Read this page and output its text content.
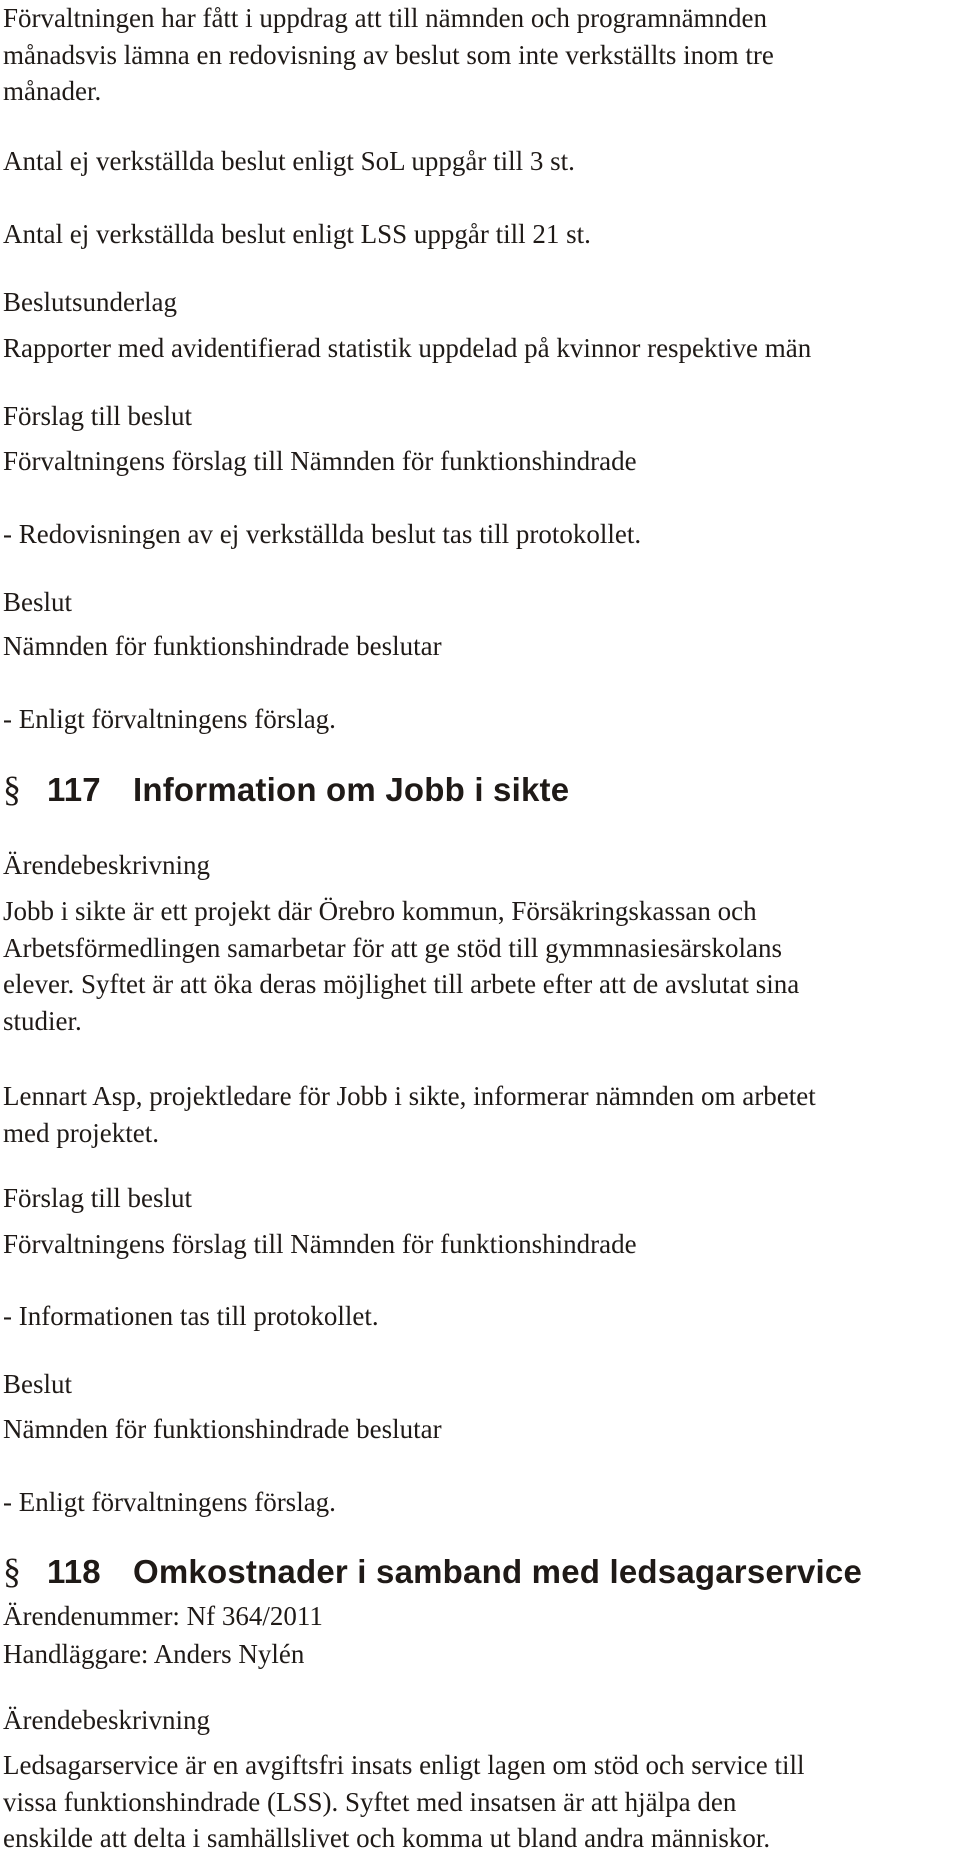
Förvaltningen har fått i uppdrag att till nämnden och programnämnden
månadsvis lämna en redovisning av beslut som inte verkställts inom tre
månader.
Antal ej verkställda beslut enligt SoL uppgår till 3 st.
Antal ej verkställda beslut enligt LSS uppgår till 21 st.
Beslutsunderlag
Rapporter med avidentifierad statistik uppdelad på kvinnor respektive män
Förslag till beslut
Förvaltningens förslag till Nämnden för funktionshindrade
- Redovisningen av ej verkställda beslut tas till protokollet.
Beslut
Nämnden för funktionshindrade beslutar
- Enligt förvaltningens förslag.
§ 117 Information om Jobb i sikte
Ärendebeskrivning
Jobb i sikte är ett projekt där Örebro kommun, Försäkringskassan och
Arbetsförmedlingen samarbetar för att ge stöd till gymmnasiesärskolans
elever. Syftet är att öka deras möjlighet till arbete efter att de avslutat sina
studier.
Lennart Asp, projektledare för Jobb i sikte, informerar nämnden om arbetet
med projektet.
Förslag till beslut
Förvaltningens förslag till Nämnden för funktionshindrade
- Informationen tas till protokollet.
Beslut
Nämnden för funktionshindrade beslutar
- Enligt förvaltningens förslag.
§ 118 Omkostnader i samband med ledsagarservice
Ärendenummer: Nf 364/2011
Handläggare: Anders Nylén
Ärendebeskrivning
Ledsagarservice är en avgiftsfri insats enligt lagen om stöd och service till
vissa funktionshindrade (LSS). Syftet med insatsen är att hjälpa den
enskilde att delta i samhällslivet och komma ut bland andra människor.
